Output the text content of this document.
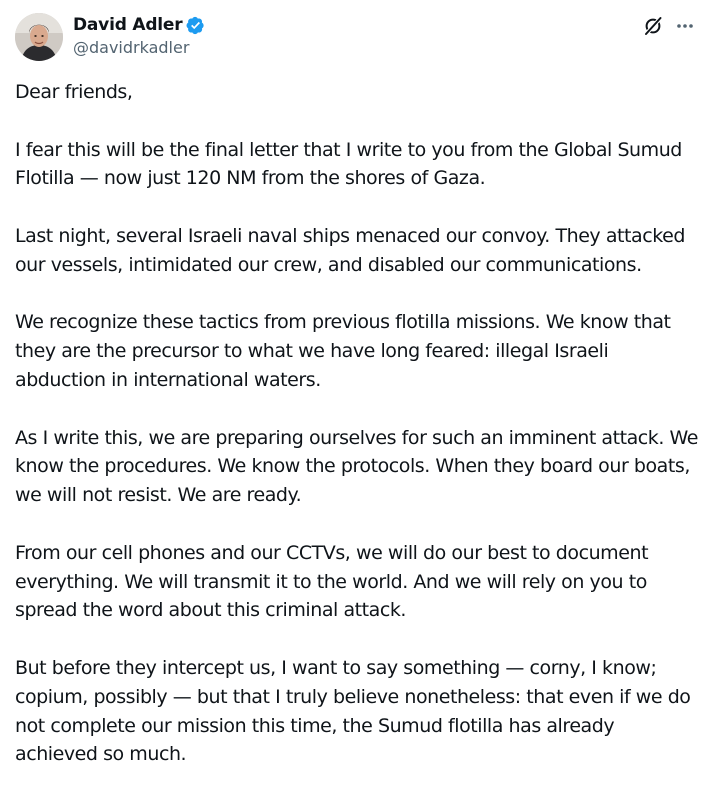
David Adler
@davidrkadler

Dear friends,

I fear this will be the final letter that I write to you from the Global Sumud Flotilla — now just 120 NM from the shores of Gaza.

Last night, several Israeli naval ships menaced our convoy. They attacked our vessels, intimidated our crew, and disabled our communications.

We recognize these tactics from previous flotilla missions. We know that they are the precursor to what we have long feared: illegal Israeli abduction in international waters.

As I write this, we are preparing ourselves for such an imminent attack. We know the procedures. We know the protocols. When they board our boats, we will not resist. We are ready.

From our cell phones and our CCTVs, we will do our best to document everything. We will transmit it to the world. And we will rely on you to spread the word about this criminal attack.

But before they intercept us, I want to say something — corny, I know; copium, possibly — but that I truly believe nonetheless: that even if we do not complete our mission this time, the Sumud flotilla has already achieved so much.
